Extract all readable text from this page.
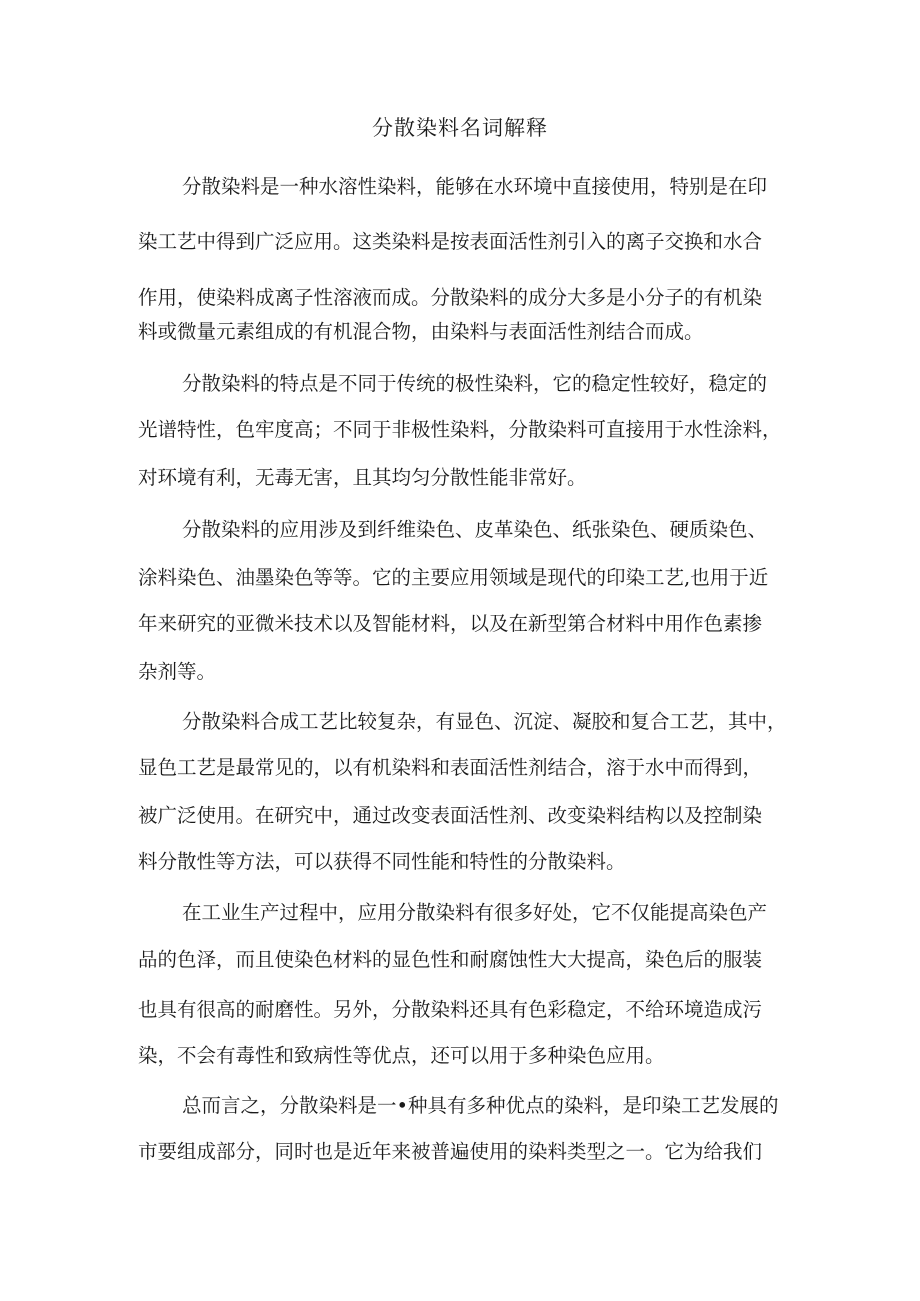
分散染料名词解释
分散染料是一种水溶性染料，能够在水环境中直接使用，特别是在印
染工艺中得到广泛应用。这类染料是按表面活性剂引入的离子交换和水合
作用，使染料成离子性溶液而成。分散染料的成分大多是小分子的有机染
料或微量元素组成的有机混合物，由染料与表面活性剂结合而成。
分散染料的特点是不同于传统的极性染料，它的稳定性较好，稳定的
光谱特性，色牢度高；不同于非极性染料，分散染料可直接用于水性涂料，
对环境有利，无毒无害，且其均匀分散性能非常好。
分散染料的应用涉及到纤维染色、皮革染色、纸张染色、硬质染色、
涂料染色、油墨染色等等。它的主要应用领域是现代的印染工艺,也用于近
年来研究的亚微米技术以及智能材料，以及在新型第合材料中用作色素掺
杂剂等。
分散染料合成工艺比较复杂，有显色、沉淀、凝胶和复合工艺，其中，
显色工艺是最常见的，以有机染料和表面活性剂结合，溶于水中而得到，
被广泛使用。在研究中，通过改变表面活性剂、改变染料结构以及控制染
料分散性等方法，可以获得不同性能和特性的分散染料。
在工业生产过程中，应用分散染料有很多好处，它不仅能提高染色产
品的色泽，而且使染色材料的显色性和耐腐蚀性大大提高，染色后的服装
也具有很高的耐磨性。另外，分散染料还具有色彩稳定，不给环境造成污
染，不会有毒性和致病性等优点，还可以用于多种染色应用。
总而言之，分散染料是一•种具有多种优点的染料，是印染工艺发展的
市要组成部分，同时也是近年来被普遍使用的染料类型之一。它为给我们
